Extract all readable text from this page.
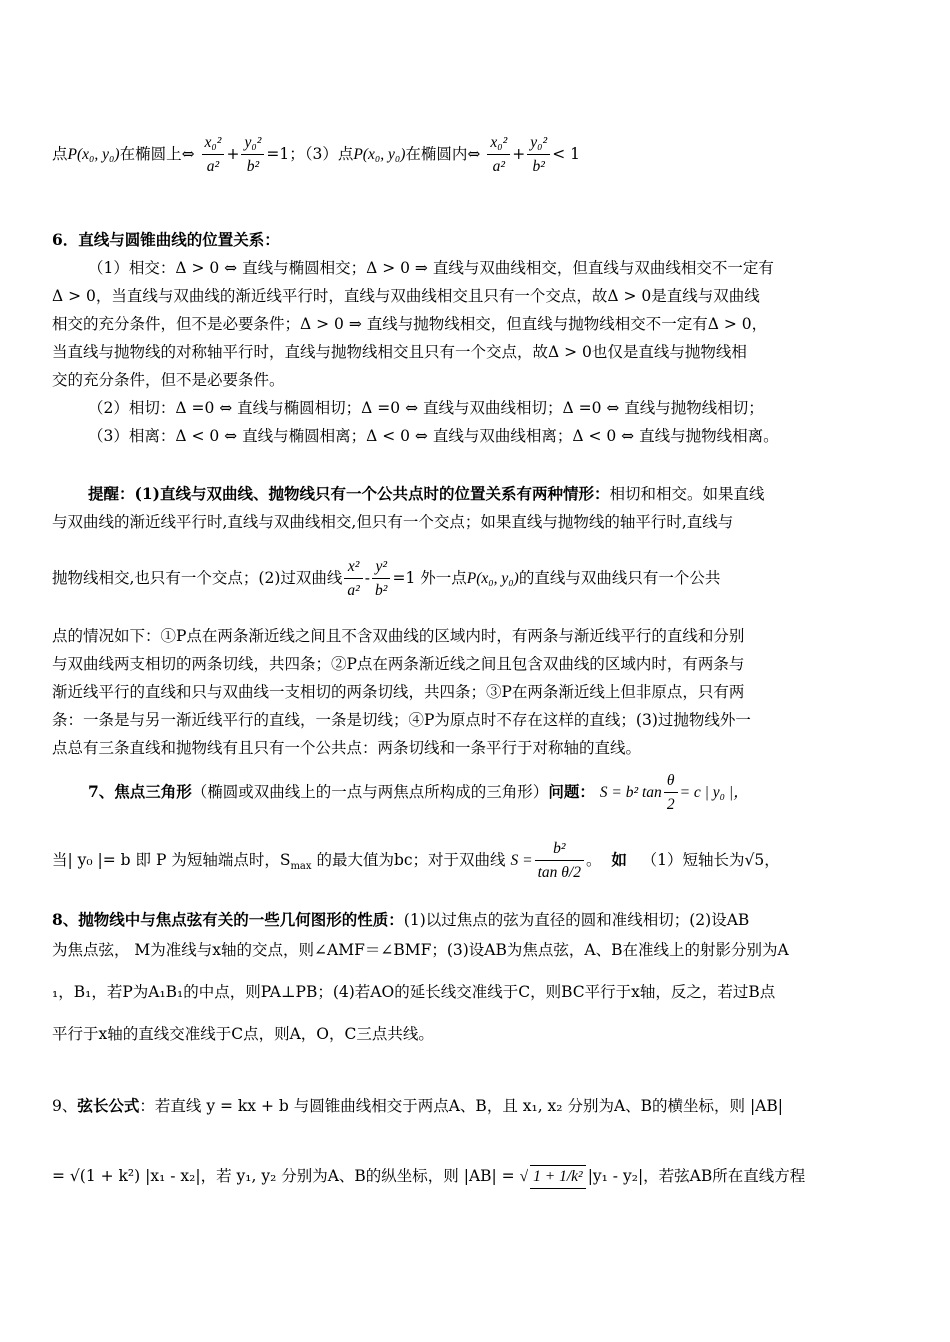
点P(x₀, y₀)在椭圆上⇔ $\frac{\text{x₀²}}{\text{a²}} + \frac{\text{y₀²}}{\text{b²}} =1$；（3）点P(x₀, y₀)在椭圆内⇔ $\frac{\text{x₀²}}{\text{a²}} + \frac{\text{y₀²}}{\text{b²}} < 1$
6．直线与圆锥曲线的位置关系：
（1）相交：Δ > 0 ⇔ 直线与椭圆相交；Δ > 0 ⇒ 直线与双曲线相交，但直线与双曲线相交不一定有
Δ > 0，当直线与双曲线的渐近线平行时，直线与双曲线相交且只有一个交点，故Δ > 0是直线与双曲线
相交的充分条件，但不是必要条件；Δ > 0 ⇒ 直线与抛物线相交，但直线与抛物线相交不一定有Δ > 0，
当直线与抛物线的对称轴平行时，直线与抛物线相交且只有一个交点，故Δ > 0也仅是直线与抛物线相
交的充分条件，但不是必要条件。
（2）相切：Δ =0 ⇔ 直线与椭圆相切；Δ =0 ⇔ 直线与双曲线相切；Δ =0 ⇔ 直线与抛物线相切；
（3）相离：Δ < 0 ⇔ 直线与椭圆相离；Δ < 0 ⇔ 直线与双曲线相离；Δ < 0 ⇔ 直线与抛物线相离。
提醒：(1)直线与双曲线、抛物线只有一个公共点时的位置关系有两种情形：相切和相交。如果直线
与双曲线的渐近线平行时,直线与双曲线相交,但只有一个交点；如果直线与抛物线的轴平行时,直线与
抛物线相交,也只有一个交点；(2)过双曲线 $\frac{\text{x²}}{\text{a²}} - \frac{\text{y²}}{\text{b²}} =1$ 外一点P(x₀, y₀)的直线与双曲线只有一个公共
点的情况如下：①P点在两条渐近线之间且不含双曲线的区域内时，有两条与渐近线平行的直线和分别
与双曲线两支相切的两条切线，共四条；②P点在两条渐近线之间且包含双曲线的区域内时，有两条与
渐近线平行的直线和只与双曲线一支相切的两条切线，共四条；③P在两条渐近线上但非原点，只有两
条：一条是与另一渐近线平行的直线，一条是切线；④P为原点时不存在这样的直线；(3)过抛物线外一
点总有三条直线和抛物线有且只有一个公共点：两条切线和一条平行于对称轴的直线。
7、焦点三角形（椭圆或双曲线上的一点与两焦点所构成的三角形）问题： S = b² $\tan \frac{\theta}{2} = c$ | y₀ |，
当| y₀ |= b 即 P 为短轴端点时，$S_{max}$ 的最大值为bc；对于双曲线 $S = \frac{\text{b²}}{\text{tan θ/2}}$ 。 如 （1）短轴长为√5，
8、抛物线中与焦点弦有关的一些几何图形的性质：(1)以过焦点的弦为直径的圆和准线相切；(2)设AB
为焦点弦， M为准线与x轴的交点，则∠AMF＝∠BMF；(3)设AB为焦点弦，A、B在准线上的射影分别为A
₁，B₁，若P为A₁B₁的中点，则PA⊥PB；(4)若AO的延长线交准线于C，则BC平行于x轴，反之，若过B点
平行于x轴的直线交准线于C点，则A，O，C三点共线。
9、弦长公式：若直线 y = kx + b 与圆锥曲线相交于两点A、B，且 x₁, x₂ 分别为A、B的横坐标，则 |AB|
= √(1 + k²) |x₁ - x₂|，若 y₁, y₂ 分别为A、B的纵坐标，则 |AB| = √ 1 + 1/k² |y₁ - y₂|，若弦AB所在直线方程
